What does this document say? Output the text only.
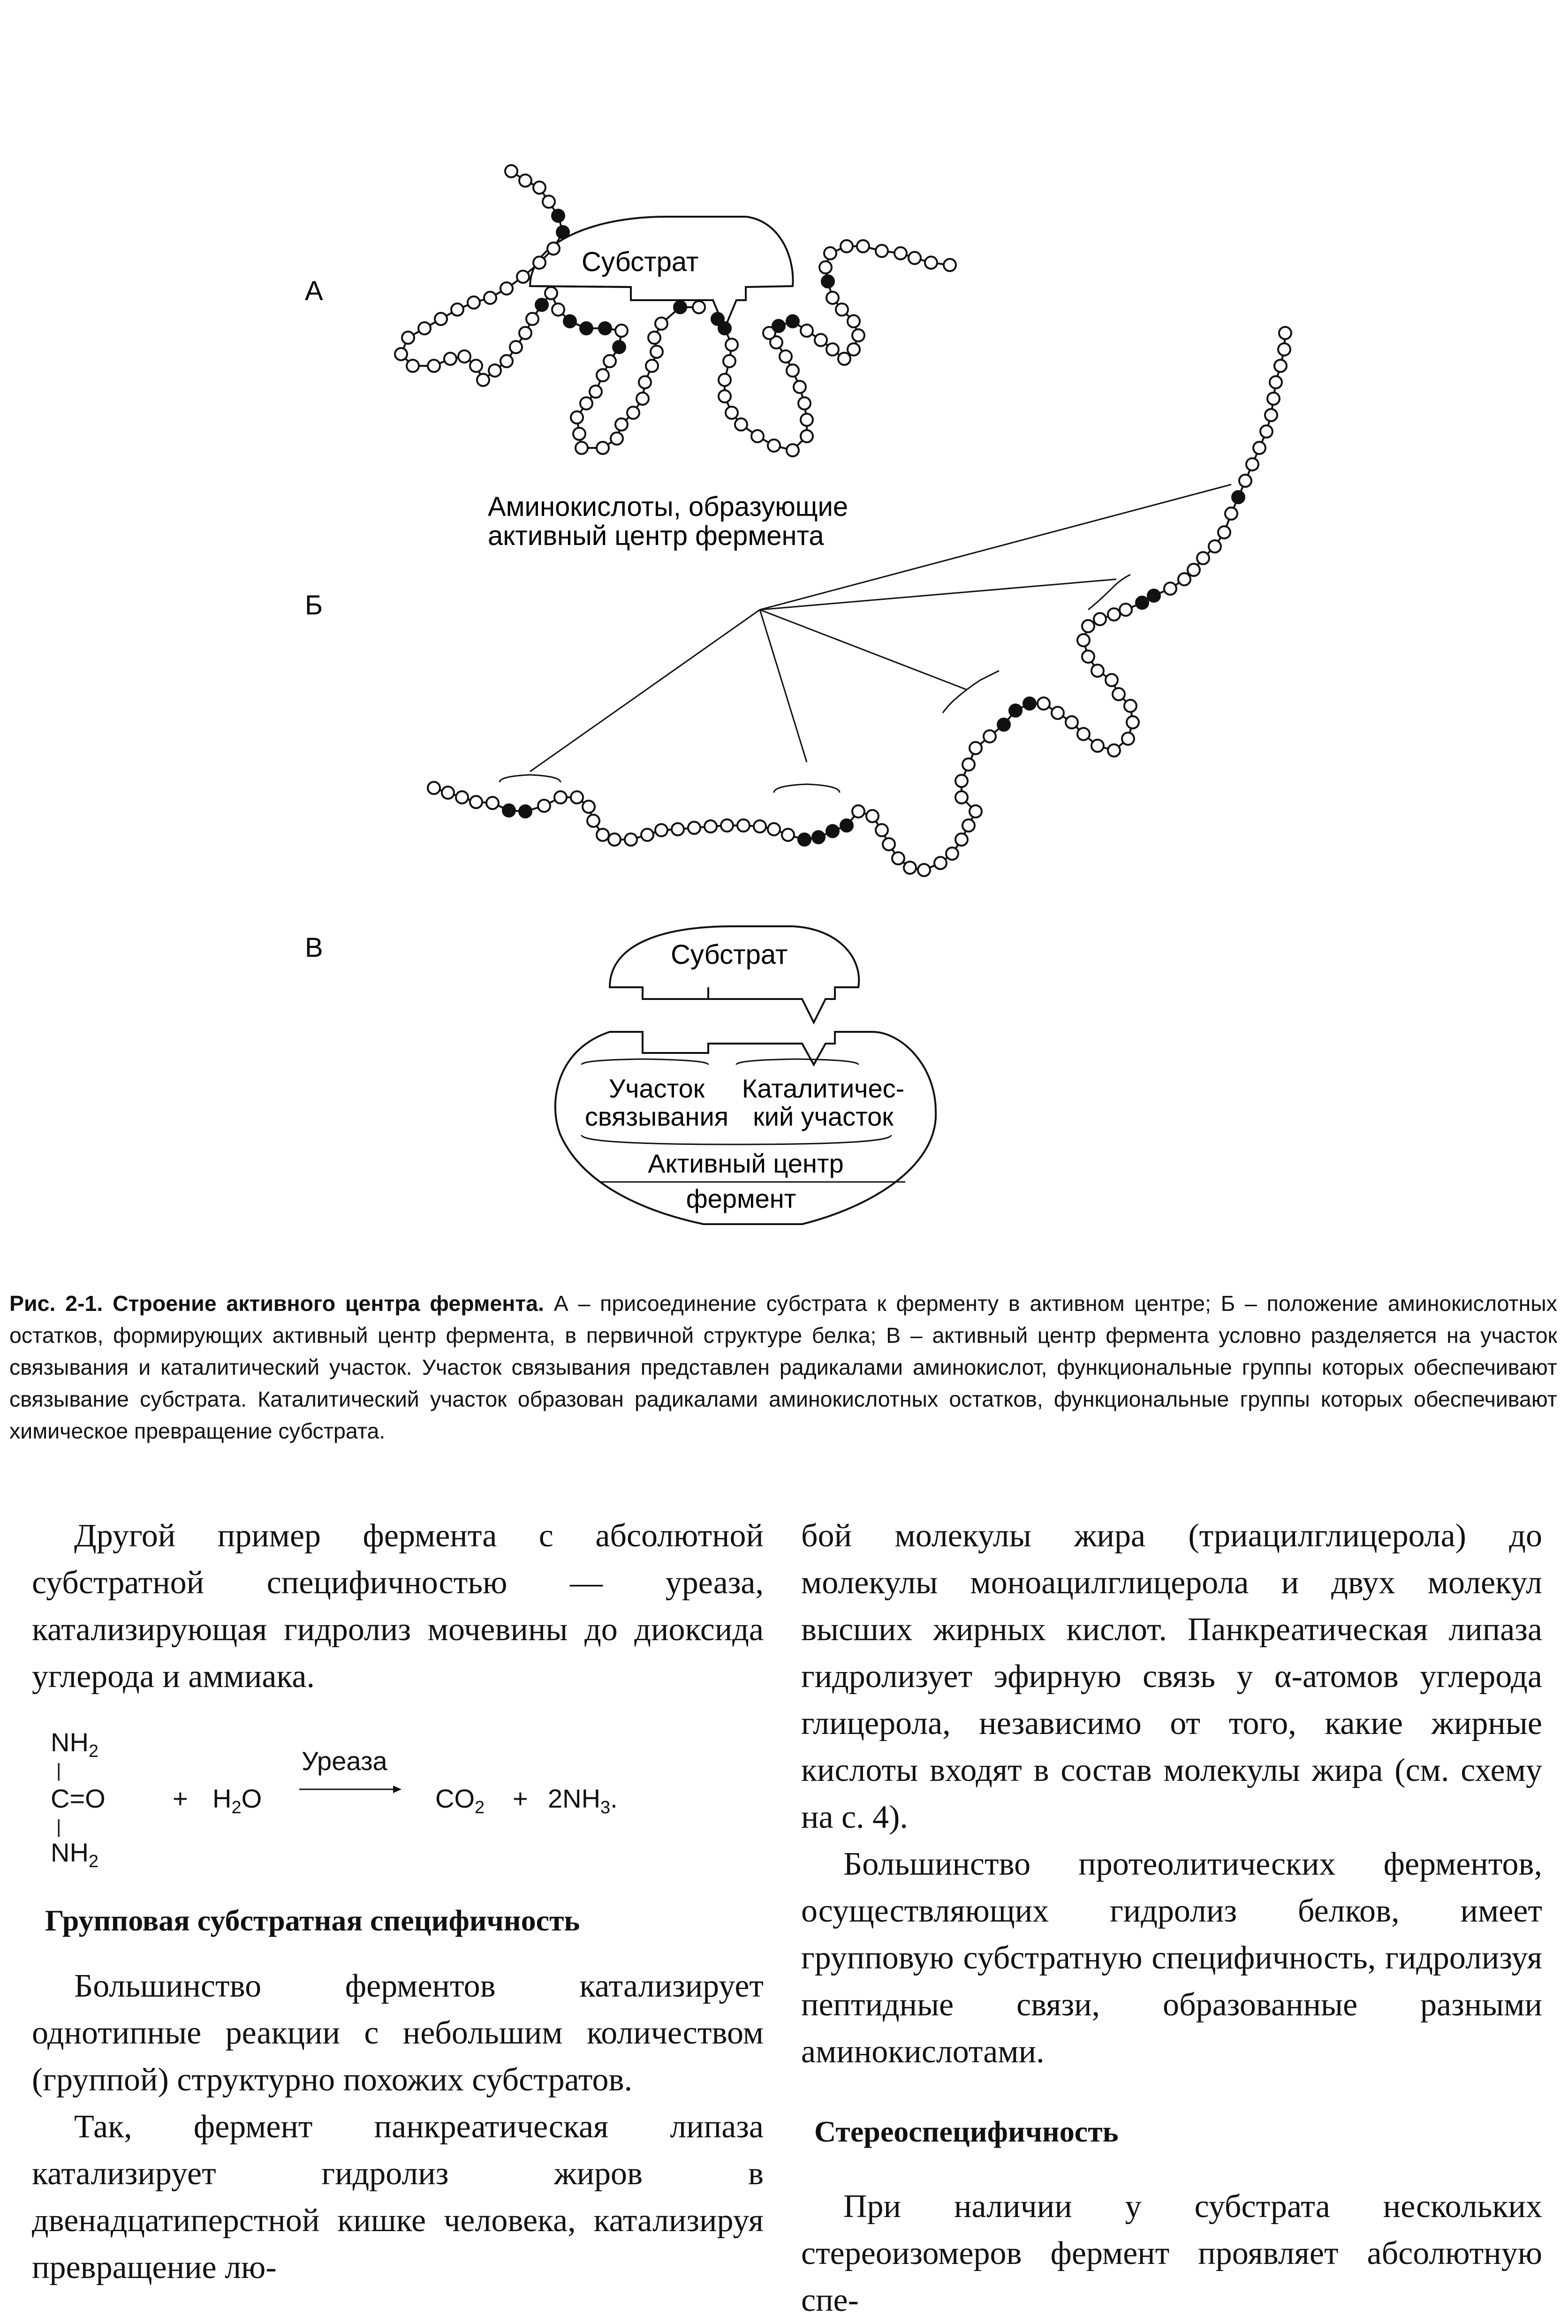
А
Б
В
Субстрат
Аминокислоты, образующие
активный центр фермента
Субстрат
Участок
связывания
Каталитичес-
кий участок
Активный центр
фермент
Рис. 2-1. Строение активного центра фермента. А – присоединение субстрата к ферменту в активном центре; Б – положение аминокислотных остатков, формирующих активный центр фермента, в первичной структуре белка; В – активный центр фермента условно разделяется на участок связывания и каталитический участок. Участок связывания представлен радикалами аминокислот, функциональные группы которых обеспечивают связывание субстрата. Каталитический участок образован радикалами аминокислотных остатков, функциональные группы которых обеспечивают химическое превращение субстрата.

Другой пример фермента с абсолютной субстратной специфичностью — уреаза, катализирующая гидролиз мочевины до диоксида углерода и аммиака.

$NH_2$
|
C=O
|
$NH_2$
+ $H_2O$
Уреаза
$CO_2 + 2NH_3$.

Групповая субстратная специфичность

Большинство ферментов катализирует однотипные реакции с небольшим количеством (группой) структурно похожих субстратов.

Так, фермент панкреатическая липаза катализирует гидролиз жиров в двенадцатиперстной кишке человека, катализируя превращение лю-

бой молекулы жира (триацилглицерола) до молекулы моноацилглицерола и двух молекул высших жирных кислот. Панкреатическая липаза гидролизует эфирную связь у α-атомов углерода глицерола, независимо от того, какие жирные кислоты входят в состав молекулы жира (см. схему на с. 4).

Большинство протеолитических ферментов, осуществляющих гидролиз белков, имеет групповую субстратную специфичность, гидролизуя пептидные связи, образованные разными аминокислотами.

Стереоспецифичность

При наличии у субстрата нескольких стереоизомеров фермент проявляет абсолютную спе-
